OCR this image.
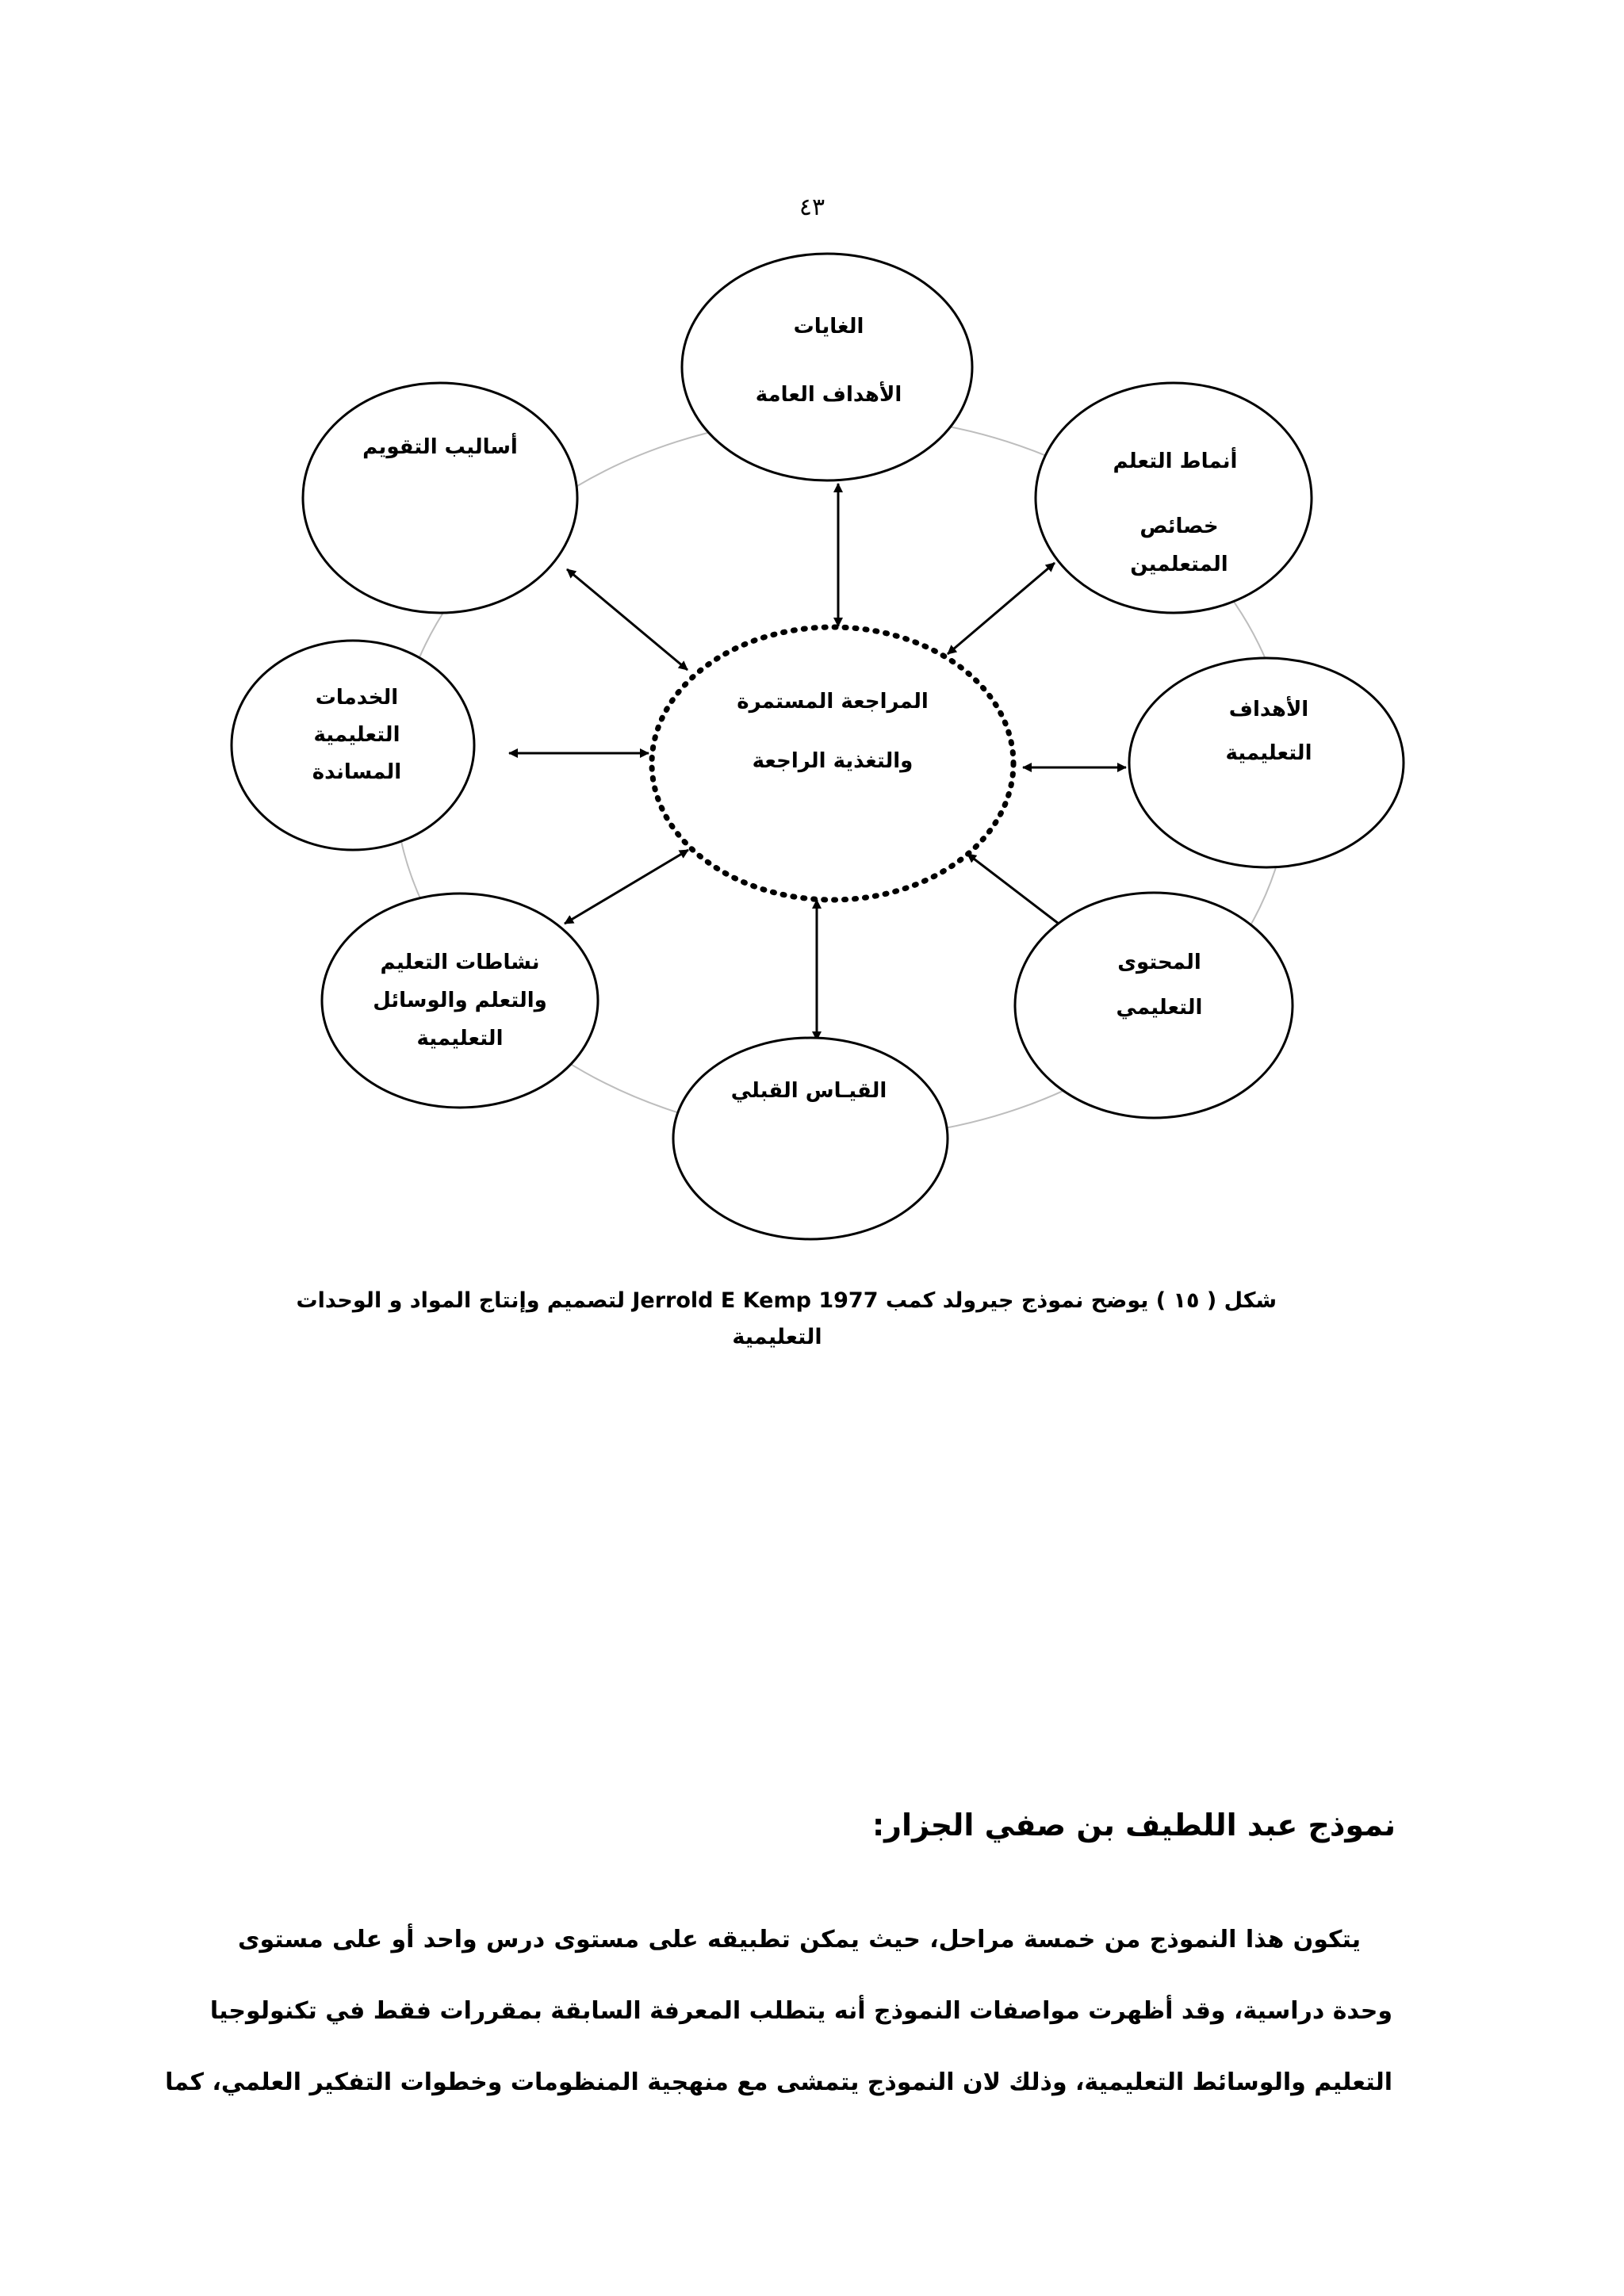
٤٣
المراجعة المستمرة
والتغذية الراجعة
الغايات
الأهداف العامة
أنماط التعلم
خصائص
المتعلمين
الأهداف
التعليمية
المحتوى
التعليمي
القيـاس القبلي
نشاطات التعليم
والتعلم والوسائل
التعليمية
الخدمات
التعليمية
المساندة
أساليب التقويم
شكل ( ١٥ ) يوضح نموذج جيرولد كمب Jerrold E Kemp 1977 لتصميم وإنتاج المواد و الوحدات
التعليمية
نموذج عبد اللطيف بن صفي الجزار:
يتكون هذا النموذج من خمسة مراحل، حيث يمكن تطبيقه على مستوى درس واحد أو على مستوى
وحدة دراسية، وقد أظهرت مواصفات النموذج أنه يتطلب المعرفة السابقة بمقررات فقط في تكنولوجيا
التعليم والوسائط التعليمية، وذلك لان النموذج يتمشى مع منهجية المنظومات وخطوات التفكير العلمي، كما
